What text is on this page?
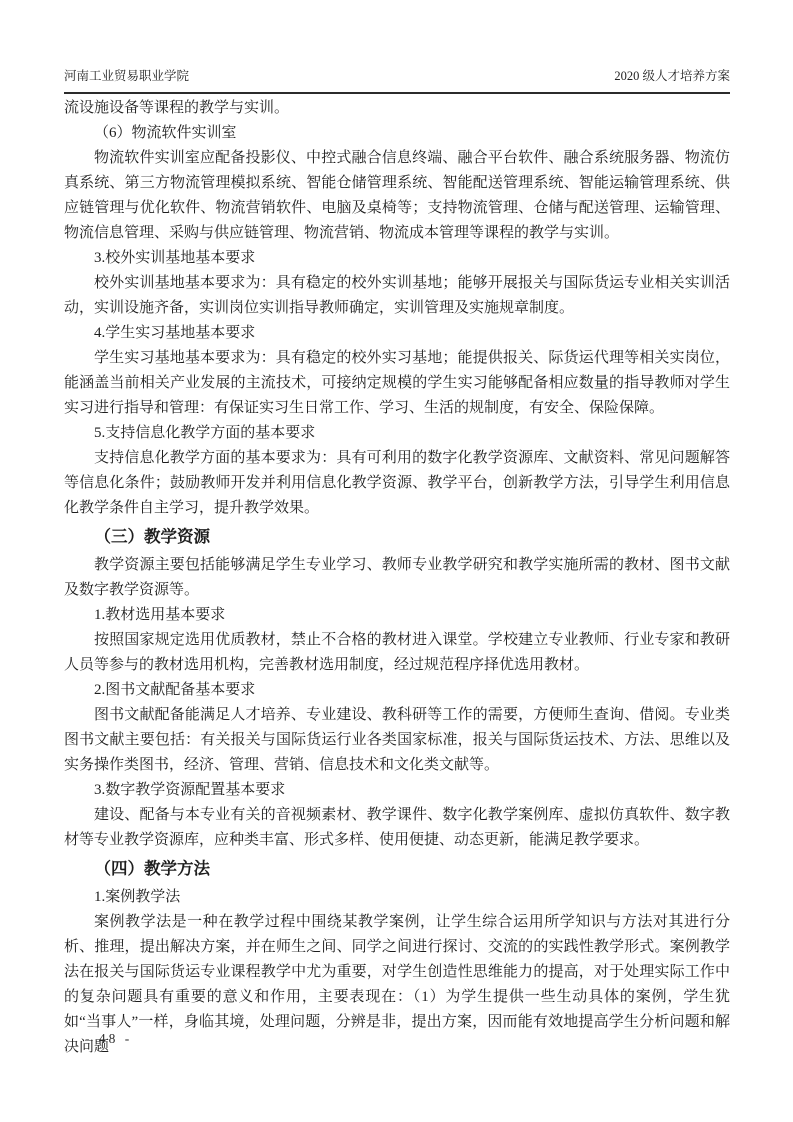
河南工业贸易职业学院	2020 级人才培养方案

流设施设备等课程的教学与实训。

（6）物流软件实训室

物流软件实训室应配备投影仪、中控式融合信息终端、融合平台软件、融合系统服务器、物流仿真系统、第三方物流管理模拟系统、智能仓储管理系统、智能配送管理系统、智能运输管理系统、供应链管理与优化软件、物流营销软件、电脑及桌椅等；支持物流管理、仓储与配送管理、运输管理、物流信息管理、采购与供应链管理、物流营销、物流成本管理等课程的教学与实训。

3.校外实训基地基本要求

校外实训基地基本要求为：具有稳定的校外实训基地；能够开展报关与国际货运专业相关实训活动，实训设施齐备，实训岗位实训指导教师确定，实训管理及实施规章制度。

4.学生实习基地基本要求

学生实习基地基本要求为：具有稳定的校外实习基地；能提供报关、际货运代理等相关实岗位，能涵盖当前相关产业发展的主流技术，可接纳定规模的学生实习能够配备相应数量的指导教师对学生实习进行指导和管理：有保证实习生日常工作、学习、生活的规制度，有安全、保险保障。

5.支持信息化教学方面的基本要求

支持信息化教学方面的基本要求为：具有可利用的数字化教学资源库、文献资料、常见问题解答等信息化条件；鼓励教师开发并利用信息化教学资源、教学平台，创新教学方法，引导学生利用信息化教学条件自主学习，提升教学效果。

（三）教学资源

教学资源主要包括能够满足学生专业学习、教师专业教学研究和教学实施所需的教材、图书文献及数字教学资源等。

1.教材选用基本要求

按照国家规定选用优质教材，禁止不合格的教材进入课堂。学校建立专业教师、行业专家和教研人员等参与的教材选用机构，完善教材选用制度，经过规范程序择优选用教材。

2.图书文献配备基本要求

图书文献配备能满足人才培养、专业建设、教科研等工作的需要，方便师生查询、借阅。专业类图书文献主要包括：有关报关与国际货运行业各类国家标准，报关与国际货运技术、方法、思维以及实务操作类图书，经济、管理、营销、信息技术和文化类文献等。

3.数字教学资源配置基本要求

建设、配备与本专业有关的音视频素材、教学课件、数字化教学案例库、虚拟仿真软件、数字教材等专业教学资源库，应种类丰富、形式多样、使用便捷、动态更新，能满足教学要求。

（四）教学方法

1.案例教学法

案例教学法是一种在教学过程中围绕某教学案例，让学生综合运用所学知识与方法对其进行分析、推理，提出解决方案，并在师生之间、同学之间进行探讨、交流的的实践性教学形式。案例教学法在报关与国际货运专业课程教学中尤为重要，对学生创造性思维能力的提高，对于处理实际工作中的复杂问题具有重要的意义和作用，主要表现在：（1）为学生提供一些生动具体的案例，学生犹如“当事人”一样，身临其境，处理问题，分辨是非，提出方案，因而能有效地提高学生分析问题和解决问题

- 48 -
